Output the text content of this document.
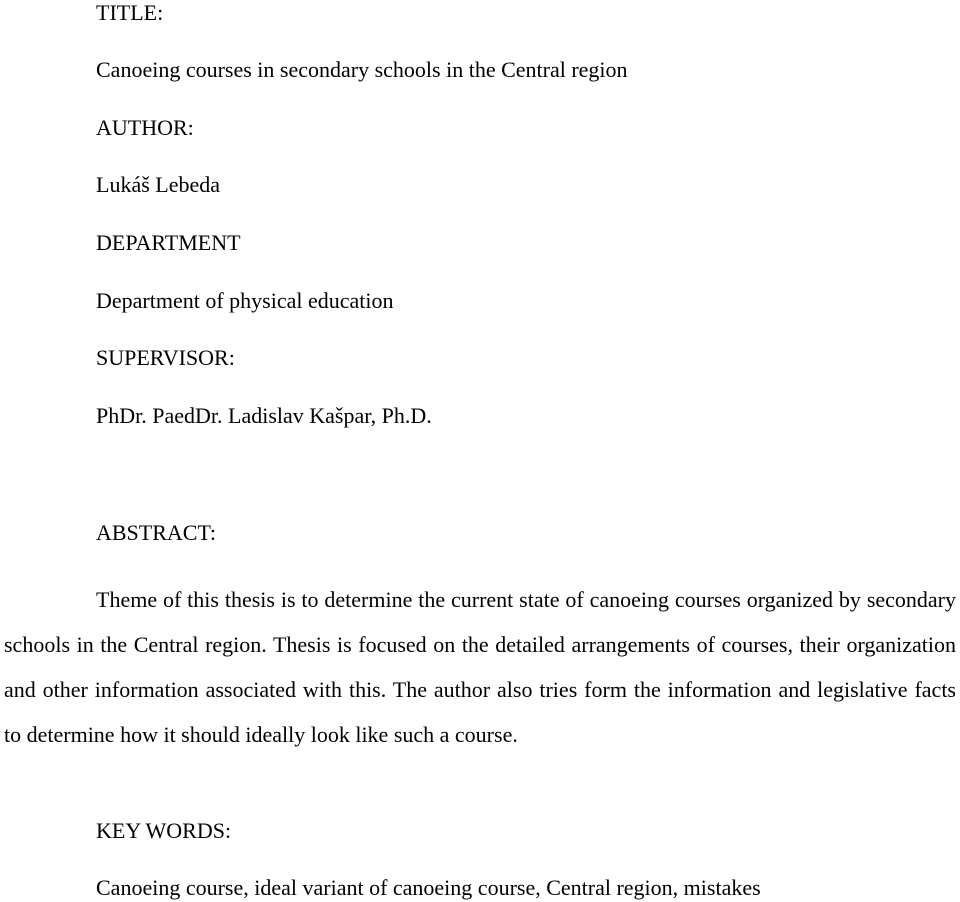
TITLE:

Canoeing courses in secondary schools in the Central region

AUTHOR:

Lukáš Lebeda

DEPARTMENT

Department of physical education

SUPERVISOR:

PhDr. PaedDr. Ladislav Kašpar, Ph.D.

ABSTRACT:

Theme of this thesis is to determine the current state of canoeing courses organized by secondary schools in the Central region. Thesis is focused on the detailed arrangements of courses, their organization and other information associated with this. The author also tries form the information and legislative facts to determine how it should ideally look like such a course.

KEY WORDS:

Canoeing course, ideal variant of canoeing course, Central region, mistakes
